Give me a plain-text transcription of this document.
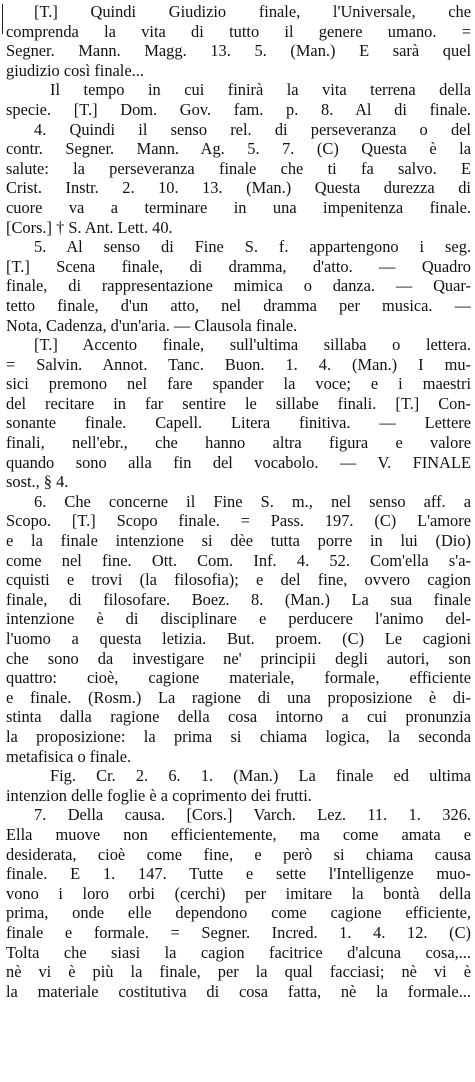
[T.] Quindi Giudizio finale, l'Universale, che
comprenda la vita di tutto il genere umano. =
Segner. Mann. Magg. 13. 5. (Man.) E sarà quel
giudizio così finale...
Il tempo in cui finirà la vita terrena della
specie. [T.] Dom. Gov. fam. p. 8. Al di finale.
4. Quindi il senso rel. di perseveranza o del
contr. Segner. Mann. Ag. 5. 7. (C) Questa è la
salute: la perseveranza finale che ti fa salvo. E
Crist. Instr. 2. 10. 13. (Man.) Questa durezza di
cuore va a terminare in una impenitenza finale.
[Cors.] † S. Ant. Lett. 40.
5. Al senso di Fine S. f. appartengono i seg.
[T.] Scena finale, di dramma, d'atto. — Quadro
finale, di rappresentazione mimica o danza. — Quar-
tetto finale, d'un atto, nel dramma per musica. —
Nota, Cadenza, d'un'aria. — Clausola finale.
[T.] Accento finale, sull'ultima sillaba o lettera.
= Salvin. Annot. Tanc. Buon. 1. 4. (Man.) I mu-
sici premono nel fare spander la voce; e i maestri
del recitare in far sentire le sillabe finali. [T.] Con-
sonante finale. Capell. Litera finitiva. — Lettere
finali, nell'ebr., che hanno altra figura e valore
quando sono alla fin del vocabolo. — V. FINALE
sost., § 4.
6. Che concerne il Fine S. m., nel senso aff. a
Scopo. [T.] Scopo finale. = Pass. 197. (C) L'amore
e la finale intenzione si dèe tutta porre in lui (Dio)
come nel fine. Ott. Com. Inf. 4. 52. Com'ella s'a-
cquisti e trovi (la filosofia); e del fine, ovvero cagion
finale, di filosofare. Boez. 8. (Man.) La sua finale
intenzione è di disciplinare e perducere l'animo del-
l'uomo a questa letizia. But. proem. (C) Le cagioni
che sono da investigare ne' principii degli autori, son
quattro: cioè, cagione materiale, formale, efficiente
e finale. (Rosm.) La ragione di una proposizione è di-
stinta dalla ragione della cosa intorno a cui pronunzia
la proposizione: la prima si chiama logica, la seconda
metafisica o finale.
Fig. Cr. 2. 6. 1. (Man.) La finale ed ultima
intenzion delle foglie è a coprimento dei frutti.
7. Della causa. [Cors.] Varch. Lez. 11. 1. 326.
Ella muove non efficientemente, ma come amata e
desiderata, cioè come fine, e però si chiama causa
finale. E 1. 147. Tutte e sette l'Intelligenze muo-
vono i loro orbi (cerchi) per imitare la bontà della
prima, onde elle dependono come cagione efficiente,
finale e formale. = Segner. Incred. 1. 4. 12. (C)
Tolta che siasi la cagion facitrice d'alcuna cosa,...
nè vi è più la finale, per la qual facciasi; nè vi è
la materiale costitutiva di cosa fatta, nè la formale...
